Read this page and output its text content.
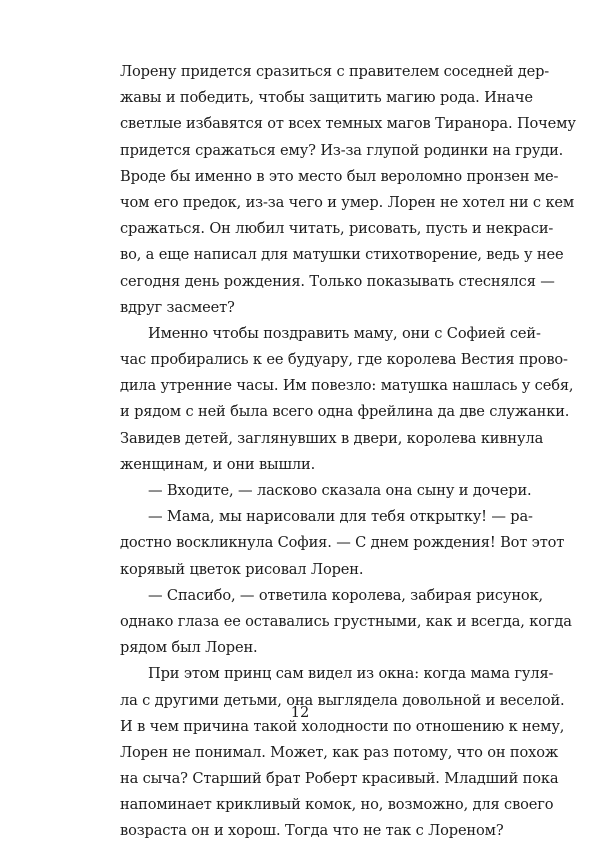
Лорену придется сразиться с правителем соседней дер-
жавы и победить, чтобы защитить магию рода. Иначе
светлые избавятся от всех темных магов Тиранора. Почему
придется сражаться ему? Из-за глупой родинки на груди.
Вроде бы именно в это место был вероломно пронзен ме-
чом его предок, из-за чего и умер. Лорен не хотел ни с кем
сражаться. Он любил читать, рисовать, пусть и некраси-
во, а еще написал для матушки стихотворение, ведь у нее
сегодня день рождения. Только показывать стеснялся —
вдруг засмеет?
Именно чтобы поздравить маму, они с Софией сей-
час пробирались к ее будуару, где королева Вестия прово-
дила утренние часы. Им повезло: матушка нашлась у себя,
и рядом с ней была всего одна фрейлина да две служанки.
Завидев детей, заглянувших в двери, королева кивнула
женщинам, и они вышли.
— Входите, — ласково сказала она сыну и дочери.
— Мама, мы нарисовали для тебя открытку! — ра-
достно воскликнула София. — С днем рождения! Вот этот
корявый цветок рисовал Лорен.
— Спасибо, — ответила королева, забирая рисунок,
однако глаза ее оставались грустными, как и всегда, когда
рядом был Лорен.
При этом принц сам видел из окна: когда мама гуля-
ла с другими детьми, она выглядела довольной и веселой.
И в чем причина такой холодности по отношению к нему,
Лорен не понимал. Может, как раз потому, что он похож
на сыча? Старший брат Роберт красивый. Младший пока
напоминает крикливый комок, но, возможно, для своего
возраста он и хорош. Тогда что не так с Лореном?
12
